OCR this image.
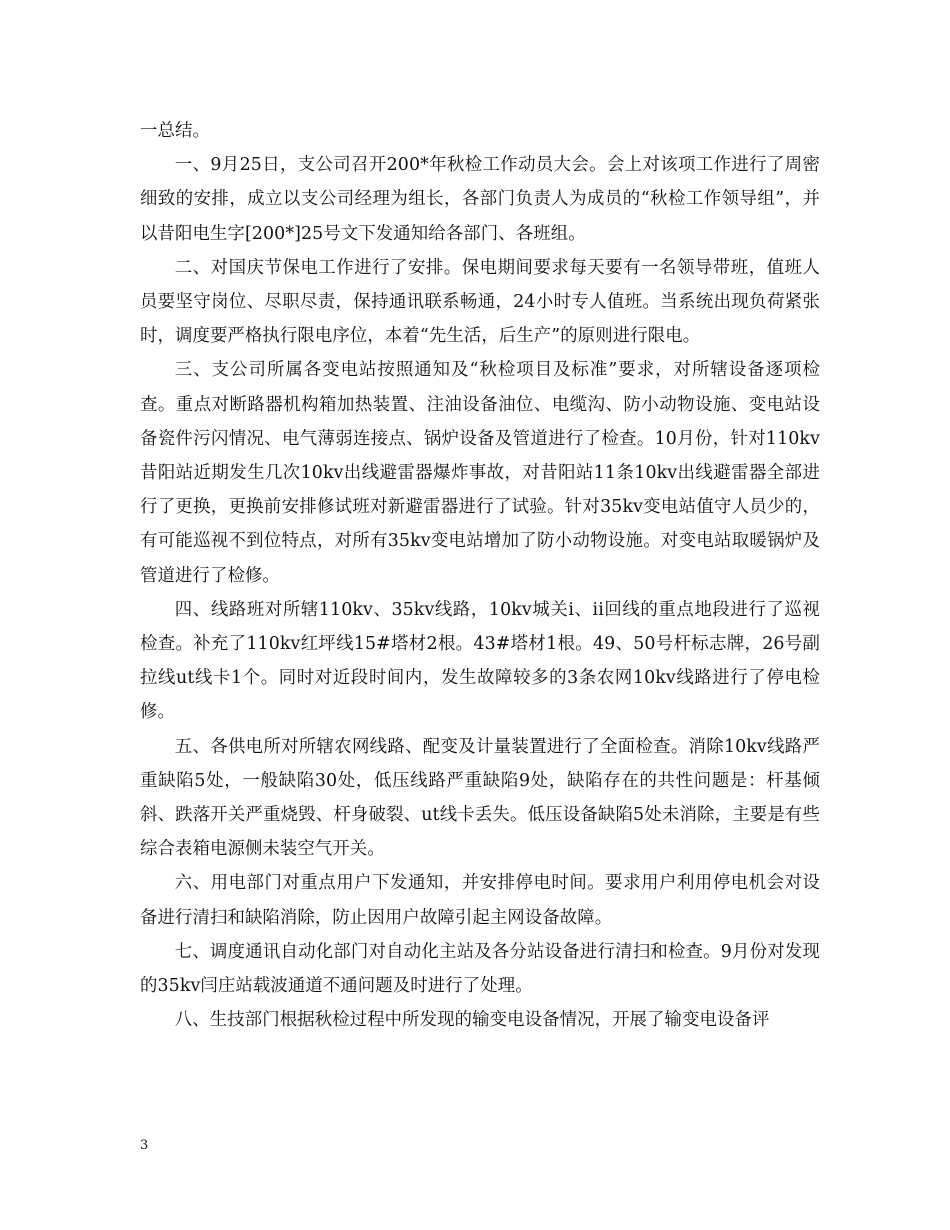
一总结。

一、9月25日，支公司召开200*年秋检工作动员大会。会上对该项工作进行了周密细致的安排，成立以支公司经理为组长，各部门负责人为成员的“秋检工作领导组”，并以昔阳电生字[200*]25号文下发通知给各部门、各班组。

二、对国庆节保电工作进行了安排。保电期间要求每天要有一名领导带班，值班人员要坚守岗位、尽职尽责，保持通讯联系畅通，24小时专人值班。当系统出现负荷紧张时，调度要严格执行限电序位，本着“先生活，后生产”的原则进行限电。

三、支公司所属各变电站按照通知及“秋检项目及标准”要求，对所辖设备逐项检查。重点对断路器机构箱加热装置、注油设备油位、电缆沟、防小动物设施、变电站设备瓷件污闪情况、电气薄弱连接点、锅炉设备及管道进行了检查。10月份，针对110kv昔阳站近期发生几次10kv出线避雷器爆炸事故，对昔阳站11条10kv出线避雷器全部进行了更换，更换前安排修试班对新避雷器进行了试验。针对35kv变电站值守人员少的，有可能巡视不到位特点，对所有35kv变电站增加了防小动物设施。对变电站取暖锅炉及管道进行了检修。

四、线路班对所辖110kv、35kv线路，10kv城关i、ii回线的重点地段进行了巡视检查。补充了110kv红坪线15#塔材2根。43#塔材1根。49、50号杆标志牌，26号副拉线ut线卡1个。同时对近段时间内，发生故障较多的3条农网10kv线路进行了停电检修。

五、各供电所对所辖农网线路、配变及计量装置进行了全面检查。消除10kv线路严重缺陷5处，一般缺陷30处，低压线路严重缺陷9处，缺陷存在的共性问题是：杆基倾斜、跌落开关严重烧毁、杆身破裂、ut线卡丢失。低压设备缺陷5处未消除，主要是有些综合表箱电源侧未装空气开关。

六、用电部门对重点用户下发通知，并安排停电时间。要求用户利用停电机会对设备进行清扫和缺陷消除，防止因用户故障引起主网设备故障。

七、调度通讯自动化部门对自动化主站及各分站设备进行清扫和检查。9月份对发现的35kv闫庄站载波通道不通问题及时进行了处理。

八、生技部门根据秋检过程中所发现的输变电设备情况，开展了输变电设备评

3
